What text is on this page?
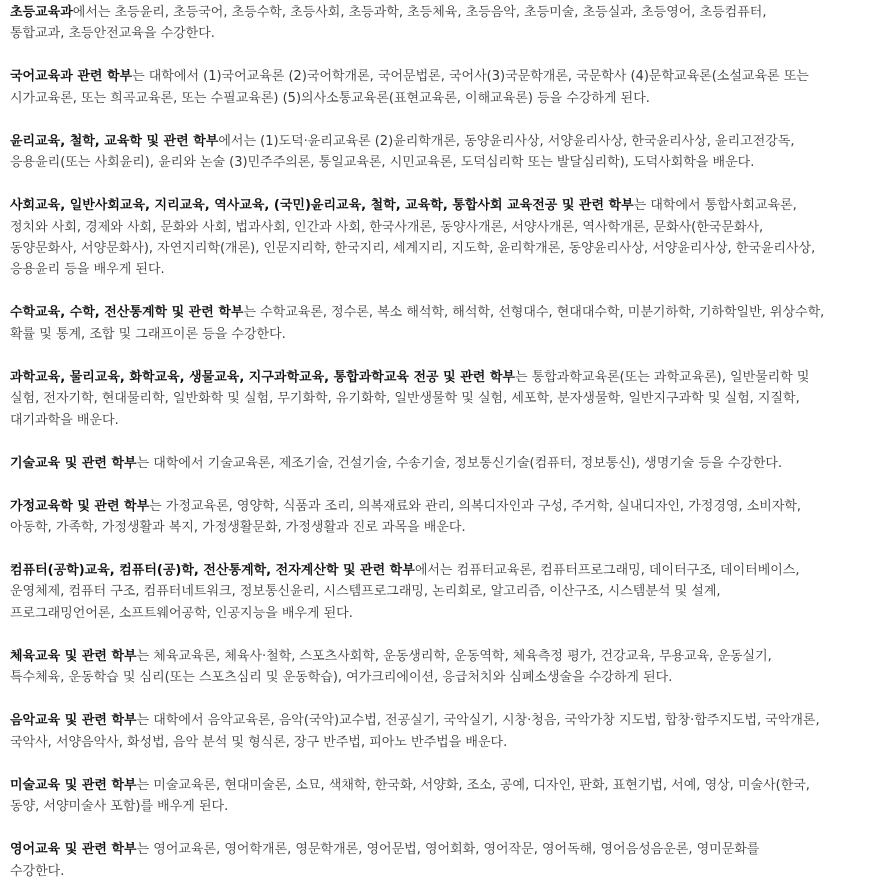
초등교육과에서는 초등윤리, 초등국어, 초등수학, 초등사회, 초등과학, 초등체육, 초등음악, 초등미술, 초등실과, 초등영어, 초등컴퓨터,
통합교과, 초등안전교육을 수강한다.
국어교육과 관련 학부는 대학에서 (1)국어교육론 (2)국어학개론, 국어문법론, 국어사(3)국문학개론, 국문학사 (4)문학교육론(소설교육론 또는
시가교육론, 또는 희곡교육론, 또는 수필교육론) (5)의사소통교육론(표현교육론, 이해교육론) 등을 수강하게 된다.
윤리교육, 철학, 교육학 및 관련 학부에서는 (1)도덕·윤리교육론 (2)윤리학개론, 동양윤리사상, 서양윤리사상, 한국윤리사상, 윤리고전강독,
응용윤리(또는 사회윤리), 윤리와 논술 (3)민주주의론, 통일교육론, 시민교육론, 도덕심리학 또는 발달심리학), 도덕사회학을 배운다.
사회교육, 일반사회교육, 지리교육, 역사교육, (국민)윤리교육, 철학, 교육학, 통합사회 교육전공 및 관련 학부는 대학에서 통합사회교육론,
정치와 사회, 경제와 사회, 문화와 사회, 법과사회, 인간과 사회, 한국사개론, 동양사개론, 서양사개론, 역사학개론, 문화사(한국문화사,
동양문화사, 서양문화사), 자연지리학(개론), 인문지리학, 한국지리, 세계지리, 지도학, 윤리학개론, 동양윤리사상, 서양윤리사상, 한국윤리사상,
응용윤리 등을 배우게 된다.
수학교육, 수학, 전산통계학 및 관련 학부는 수학교육론, 정수론, 복소 해석학, 해석학, 선형대수, 현대대수학, 미분기하학, 기하학일반, 위상수학,
확률 및 통계, 조합 및 그래프이론 등을 수강한다.
과학교육, 물리교육, 화학교육, 생물교육, 지구과학교육, 통합과학교육 전공 및 관련 학부는 통합과학교육론(또는 과학교육론), 일반물리학 및
실험, 전자기학, 현대물리학, 일반화학 및 실험, 무기화학, 유기화학, 일반생물학 및 실험, 세포학, 분자생물학, 일반지구과학 및 실험, 지질학,
대기과학을 배운다.
기술교육 및 관련 학부는 대학에서 기술교육론, 제조기술, 건설기술, 수송기술, 정보통신기술(컴퓨터, 정보통신), 생명기술 등을 수강한다.
가정교육학 및 관련 학부는 가정교육론, 영양학, 식품과 조리, 의복재료와 관리, 의복디자인과 구성, 주거학, 실내디자인, 가정경영, 소비자학,
아동학, 가족학, 가정생활과 복지, 가정생활문화, 가정생활과 진로 과목을 배운다.
컴퓨터(공학)교육, 컴퓨터(공)학, 전산통계학, 전자계산학 및 관련 학부에서는 컴퓨터교육론, 컴퓨터프로그래밍, 데이터구조, 데이터베이스,
운영체제, 컴퓨터 구조, 컴퓨터네트워크, 정보통신윤리, 시스템프로그래밍, 논리회로, 알고리즘, 이산구조, 시스템분석 및 설계,
프로그래밍언어론, 소프트웨어공학, 인공지능을 배우게 된다.
체육교육 및 관련 학부는 체육교육론, 체육사·철학, 스포츠사회학, 운동생리학, 운동역학, 체육측정 평가, 건강교육, 무용교육, 운동실기,
특수체육, 운동학습 및 심리(또는 스포츠심리 및 운동학습), 여가크리에이션, 응급처치와 심폐소생술을 수강하게 된다.
음악교육 및 관련 학부는 대학에서 음악교육론, 음악(국악)교수법, 전공실기, 국악실기, 시창·청음, 국악가창 지도법, 합창·합주지도법, 국악개론,
국악사, 서양음악사, 화성법, 음악 분석 및 형식론, 장구 반주법, 피아노 반주법을 배운다.
미술교육 및 관련 학부는 미술교육론, 현대미술론, 소묘, 색채학, 한국화, 서양화, 조소, 공예, 디자인, 판화, 표현기법, 서예, 영상, 미술사(한국,
동양, 서양미술사 포함)를 배우게 된다.
영어교육 및 관련 학부는 영어교육론, 영어학개론, 영문학개론, 영어문법, 영어회화, 영어작문, 영어독해, 영어음성음운론, 영미문화를
수강한다.
